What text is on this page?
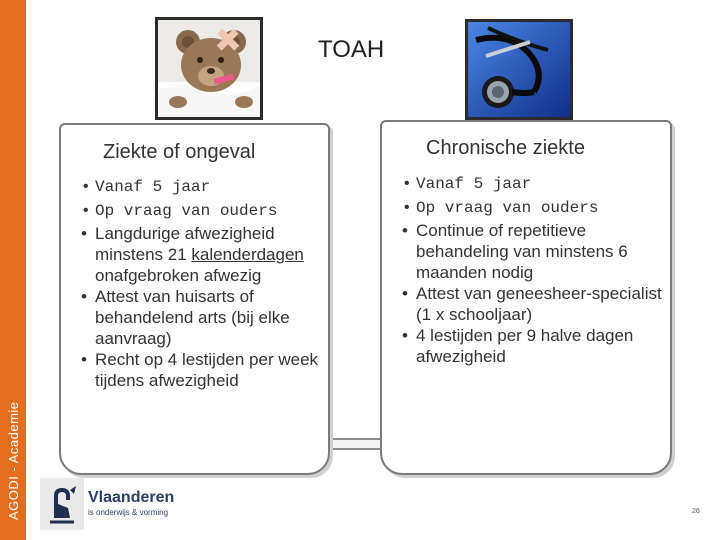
AGODI - Academie
TOAH
Ziekte of ongeval
• Vanaf 5 jaar
• Op vraag van ouders
• Langdurige afwezigheid minstens 21 kalenderdagen onafgebroken afwezig
• Attest van huisarts of behandelend arts (bij elke aanvraag)
• Recht op 4 lestijden per week tijdens afwezigheid
Chronische ziekte
• Vanaf 5 jaar
• Op vraag van ouders
• Continue of repetitieve behandeling van minstens 6 maanden nodig
• Attest van geneesheer-specialist (1 x schooljaar)
• 4 lestijden per 9 halve dagen afwezigheid
Vlaanderen
is onderwijs & vorming	26
